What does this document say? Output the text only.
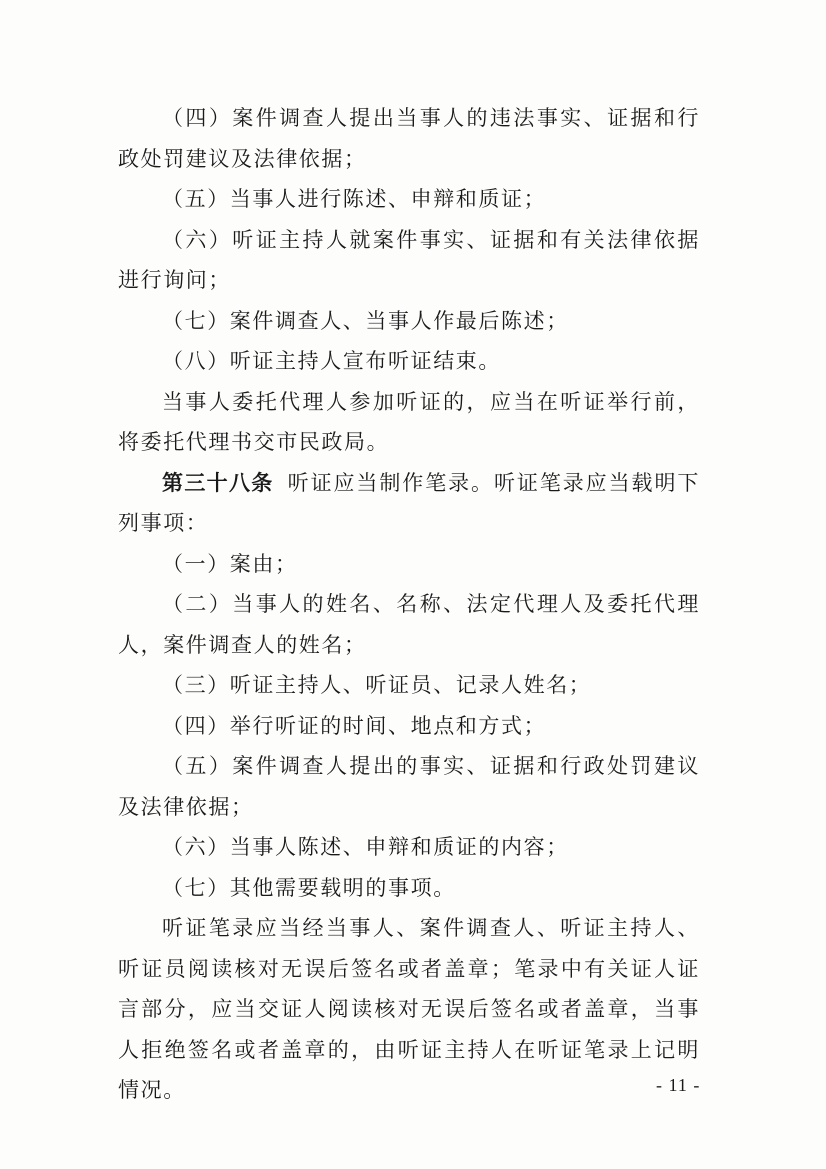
（四）案件调查人提出当事人的违法事实、证据和行政处罚建议及法律依据；

（五）当事人进行陈述、申辩和质证；

（六）听证主持人就案件事实、证据和有关法律依据进行询问；

（七）案件调查人、当事人作最后陈述；

（八）听证主持人宣布听证结束。

当事人委托代理人参加听证的，应当在听证举行前，将委托代理书交市民政局。

第三十八条 听证应当制作笔录。听证笔录应当载明下列事项：

（一）案由；

（二）当事人的姓名、名称、法定代理人及委托代理人，案件调查人的姓名；

（三）听证主持人、听证员、记录人姓名；

（四）举行听证的时间、地点和方式；

（五）案件调查人提出的事实、证据和行政处罚建议及法律依据；

（六）当事人陈述、申辩和质证的内容；

（七）其他需要载明的事项。

听证笔录应当经当事人、案件调查人、听证主持人、听证员阅读核对无误后签名或者盖章；笔录中有关证人证言部分，应当交证人阅读核对无误后签名或者盖章，当事人拒绝签名或者盖章的，由听证主持人在听证笔录上记明情况。	- 11 -
